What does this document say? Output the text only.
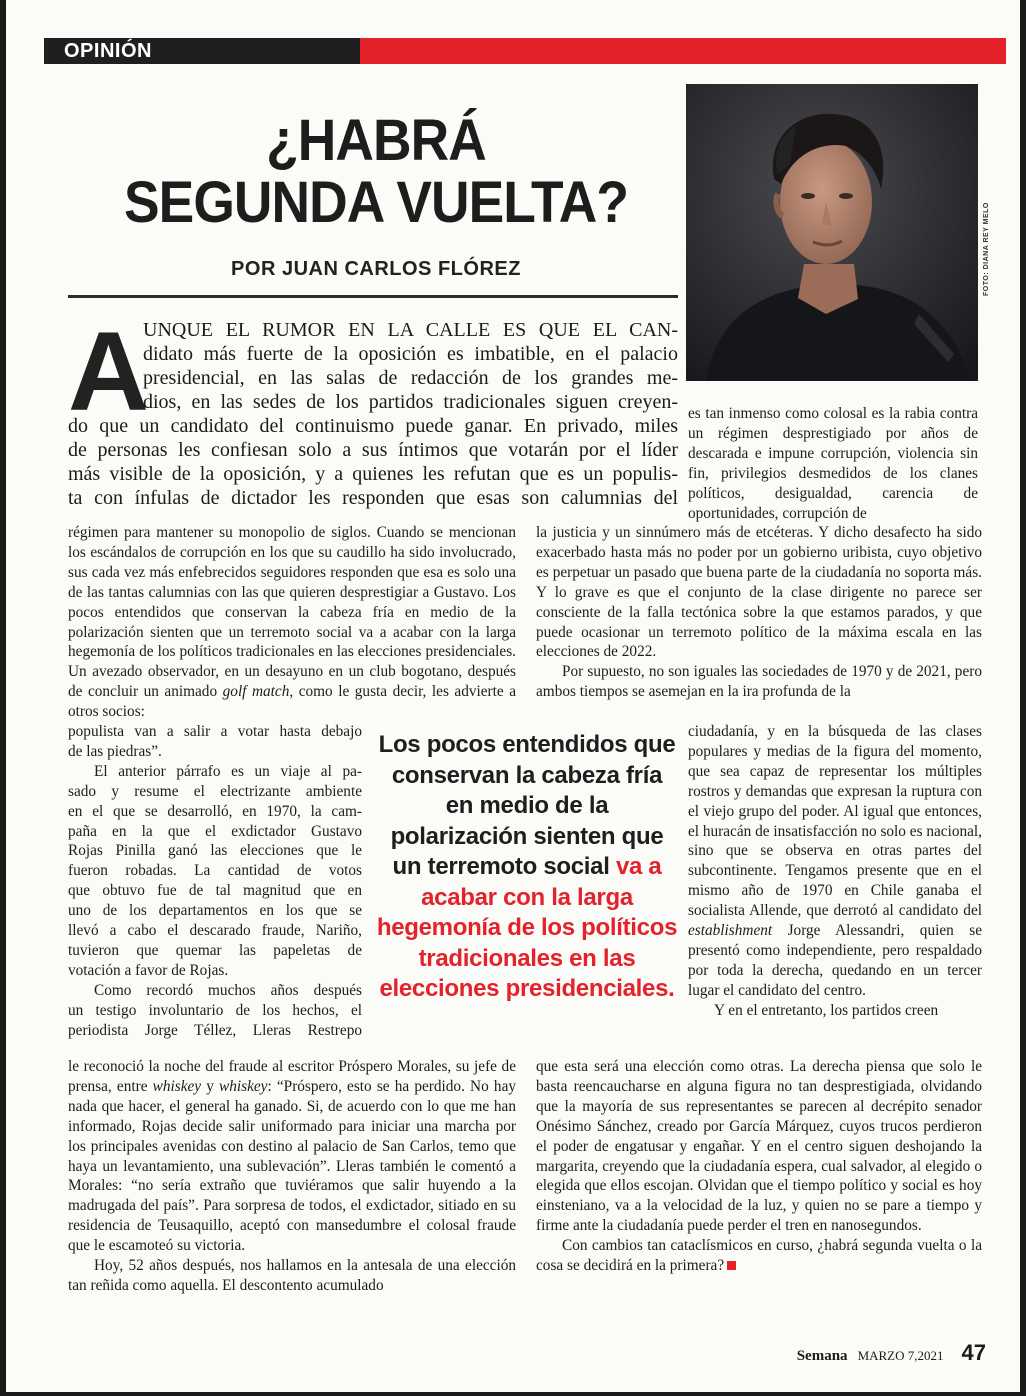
OPINIÓN
¿HABRÁ
SEGUNDA VUELTA?
POR JUAN CARLOS FLÓREZ	FOTO: DIANA REY MELO
A
UNQUE EL RUMOR EN LA CALLE ES QUE EL CAN-
didato más fuerte de la oposición es imbatible, en el palacio
presidencial, en las salas de redacción de los grandes me-
dios, en las sedes de los partidos tradicionales siguen creyen-
do que un candidato del continuismo puede ganar. En privado, miles
de personas les confiesan solo a sus íntimos que votarán por el líder
más visible de la oposición, y a quienes les refutan que es un populis-
ta con ínfulas de dictador les responden que esas son calumnias del

es tan inmenso como colosal es la rabia contra un régimen desprestigiado por años de descarada e impune corrupción, violencia sin fin, privilegios desmedidos de los clanes políticos, desigualdad, carencia de oportunidades, corrupción de

régimen para mantener su monopolio de siglos. Cuando se mencionan los escándalos de corrupción en los que su caudillo ha sido involucrado, sus cada vez más enfebrecidos seguidores responden que esa es solo una de las tantas calumnias con las que quieren desprestigiar a Gustavo. Los pocos entendidos que conservan la cabeza fría en medio de la polarización sienten que un terremoto social va a acabar con la larga hegemonía de los políticos tradicionales en las elecciones presidenciales. Un avezado observador, en un desayuno en un club bogotano, después de concluir un animado golf match, como le gusta decir, les advierte a otros socios:

populista van a salir a votar hasta debajo
de las piedras”.
El anterior párrafo es un viaje al pa-
sado y resume el electrizante ambiente
en el que se desarrolló, en 1970, la cam-
paña en la que el exdictador Gustavo
Rojas Pinilla ganó las elecciones que le
fueron robadas. La cantidad de votos
que obtuvo fue de tal magnitud que en
uno de los departamentos en los que se
llevó a cabo el descarado fraude, Nariño,
tuvieron que quemar las papeletas de
votación a favor de Rojas.
Como recordó muchos años después
un testigo involuntario de los hechos, el
periodista Jorge Téllez, Lleras Restrepo

le reconoció la noche del fraude al escritor Próspero Morales, su jefe de prensa, entre whiskey y whiskey: “Próspero, esto se ha perdido. No hay nada que hacer, el general ha ganado. Si, de acuerdo con lo que me han informado, Rojas decide salir uniformado para iniciar una marcha por los principales avenidas con destino al palacio de San Carlos, temo que haya un levantamiento, una sublevación”. Lleras también le comentó a Morales: “no sería extraño que tuviéramos que salir huyendo a la madrugada del país”. Para sorpresa de todos, el exdictador, sitiado en su residencia de Teusaquillo, aceptó con mansedumbre el colosal fraude que le escamoteó su victoria.

Hoy, 52 años después, nos hallamos en la antesala de una elección tan reñida como aquella. El descontento acumulado

la justicia y un sinnúmero más de etcéteras. Y dicho desafecto ha sido exacerbado hasta más no poder por un gobierno uribista, cuyo objetivo es perpetuar un pasado que buena parte de la ciudadanía no soporta más. Y lo grave es que el conjunto de la clase dirigente no parece ser consciente de la falla tectónica sobre la que estamos parados, y que puede ocasionar un terremoto político de la máxima escala en las elecciones de 2022.

Por supuesto, no son iguales las sociedades de 1970 y de 2021, pero ambos tiempos se asemejan en la ira profunda de la

ciudadanía, y en la búsqueda de las clases populares y medias de la figura del momento, que sea capaz de representar los múltiples rostros y demandas que expresan la ruptura con el viejo grupo del poder. Al igual que entonces, el huracán de insatisfacción no solo es nacional, sino que se observa en otras partes del subcontinente. Tengamos presente que en el mismo año de 1970 en Chile ganaba el socialista Allende, que derrotó al candidato del establishment Jorge Alessandri, quien se presentó como independiente, pero respaldado por toda la derecha, quedando en un tercer lugar el candidato del centro.

Y en el entretanto, los partidos creen

que esta será una elección como otras. La derecha piensa que solo le basta reencaucharse en alguna figura no tan desprestigiada, olvidando que la mayoría de sus representantes se parecen al decrépito senador Onésimo Sánchez, creado por García Márquez, cuyos trucos perdieron el poder de engatusar y engañar. Y en el centro siguen deshojando la margarita, creyendo que la ciudadanía espera, cual salvador, al elegido o elegida que ellos escojan. Olvidan que el tiempo político y social es hoy einsteniano, va a la velocidad de la luz, y quien no se pare a tiempo y firme ante la ciudadanía puede perder el tren en nanosegundos.

Con cambios tan cataclísmicos en curso, ¿habrá segunda vuelta o la cosa se decidirá en la primera?

Los pocos entendidos que conservan la cabeza fría en medio de la polarización sienten que un terremoto social va a acabar con la larga hegemonía de los políticos tradicionales en las elecciones presidenciales.
Semana MARZO 7,2021 47
